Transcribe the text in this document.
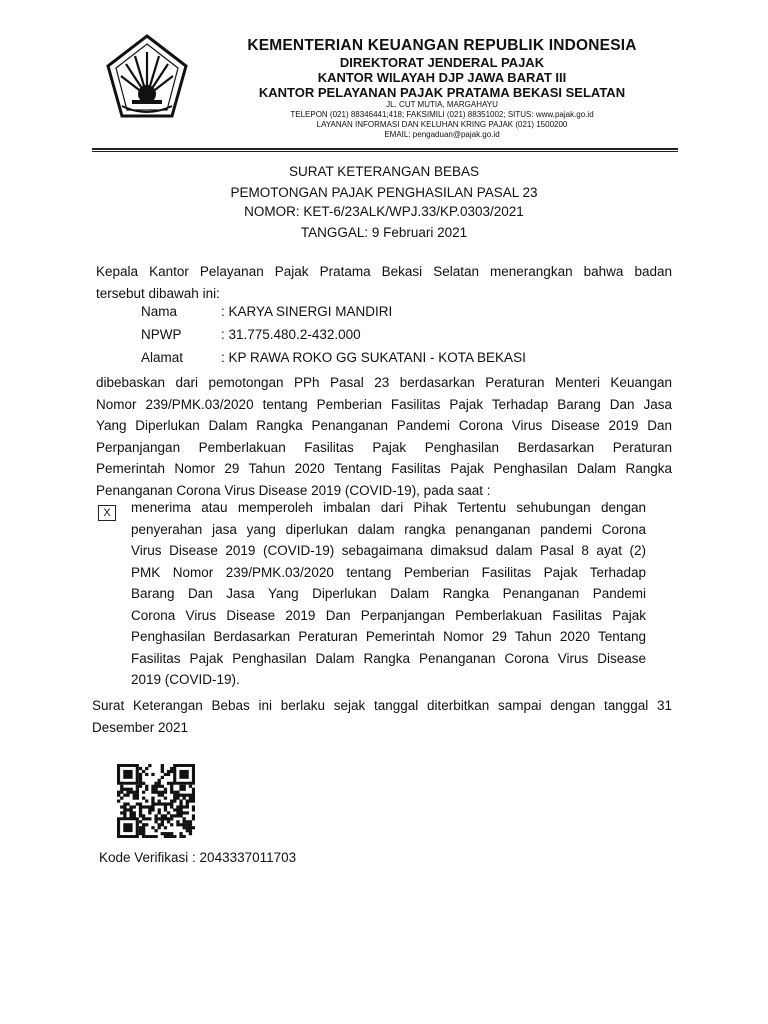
KEMENTERIAN KEUANGAN REPUBLIK INDONESIA
DIREKTORAT JENDERAL PAJAK
KANTOR WILAYAH DJP JAWA BARAT III
KANTOR PELAYANAN PAJAK PRATAMA BEKASI SELATAN
JL. CUT MUTIA, MARGAHAYU
TELEPON (021) 88346441;418; FAKSIMILI (021) 88351002; SITUS: www.pajak.go.id
LAYANAN INFORMASI DAN KELUHAN KRING PAJAK (021) 1500200
EMAIL: pengaduan@pajak.go.id
SURAT KETERANGAN BEBAS
PEMOTONGAN PAJAK PENGHASILAN PASAL 23
NOMOR: KET-6/23ALK/WPJ.33/KP.0303/2021
TANGGAL: 9 Februari 2021
Kepala Kantor Pelayanan Pajak Pratama Bekasi Selatan menerangkan bahwa badan
tersebut dibawah ini:
Nama	: KARYA SINERGI MANDIRI
NPWP	: 31.775.480.2-432.000
Alamat	: KP RAWA ROKO GG SUKATANI - KOTA BEKASI
dibebaskan dari pemotongan PPh Pasal 23 berdasarkan Peraturan Menteri Keuangan
Nomor 239/PMK.03/2020 tentang Pemberian Fasilitas Pajak Terhadap Barang Dan Jasa
Yang Diperlukan Dalam Rangka Penanganan Pandemi Corona Virus Disease 2019 Dan
Perpanjangan Pemberlakuan Fasilitas Pajak Penghasilan Berdasarkan Peraturan
Pemerintah Nomor 29 Tahun 2020 Tentang Fasilitas Pajak Penghasilan Dalam Rangka
Penanganan Corona Virus Disease 2019 (COVID-19), pada saat :
X	menerima atau memperoleh imbalan dari Pihak Tertentu sehubungan dengan
penyerahan jasa yang diperlukan dalam rangka penanganan pandemi Corona
Virus Disease 2019 (COVID-19) sebagaimana dimaksud dalam Pasal 8 ayat (2)
PMK Nomor 239/PMK.03/2020 tentang Pemberian Fasilitas Pajak Terhadap
Barang Dan Jasa Yang Diperlukan Dalam Rangka Penanganan Pandemi
Corona Virus Disease 2019 Dan Perpanjangan Pemberlakuan Fasilitas Pajak
Penghasilan Berdasarkan Peraturan Pemerintah Nomor 29 Tahun 2020 Tentang
Fasilitas Pajak Penghasilan Dalam Rangka Penanganan Corona Virus Disease
2019 (COVID-19).
Surat Keterangan Bebas ini berlaku sejak tanggal diterbitkan sampai dengan tanggal 31
Desember 2021
Kode Verifikasi : 2043337011703
